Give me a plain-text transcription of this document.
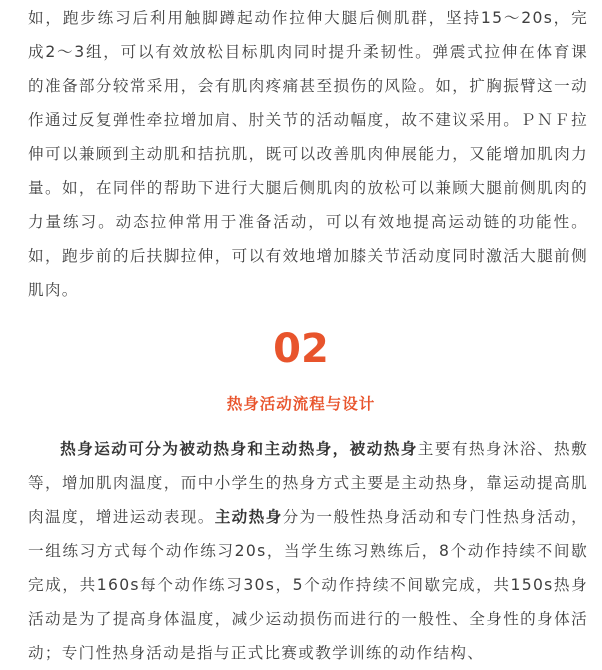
如，跑步练习后利用触脚蹲起动作拉伸大腿后侧肌群，坚持15～20s，完成2～3组，可以有效放松目标肌肉同时提升柔韧性。弹震式拉伸在体育课的准备部分较常采用，会有肌肉疼痛甚至损伤的风险。如，扩胸振臂这一动作通过反复弹性牵拉增加肩、肘关节的活动幅度，故不建议采用。ＰＮＦ拉伸可以兼顾到主动肌和拮抗肌，既可以改善肌肉伸展能力，又能增加肌肉力量。如，在同伴的帮助下进行大腿后侧肌肉的放松可以兼顾大腿前侧肌肉的力量练习。动态拉伸常用于准备活动，可以有效地提高运动链的功能性。如，跑步前的后扶脚拉伸，可以有效地增加膝关节活动度同时激活大腿前侧肌肉。

02
热身活动流程与设计

热身运动可分为被动热身和主动热身，被动热身主要有热身沐浴、热敷等，增加肌肉温度，而中小学生的热身方式主要是主动热身，靠运动提高肌肉温度，增进运动表现。主动热身分为一般性热身活动和专门性热身活动，一组练习方式每个动作练习20s，当学生练习熟练后，8个动作持续不间歇完成，共160s每个动作练习30s，5个动作持续不间歇完成，共150s热身活动是为了提高身体温度，减少运动损伤而进行的一般性、全身性的身体活动；专门性热身活动是指与正式比赛或教学训练的动作结构、
